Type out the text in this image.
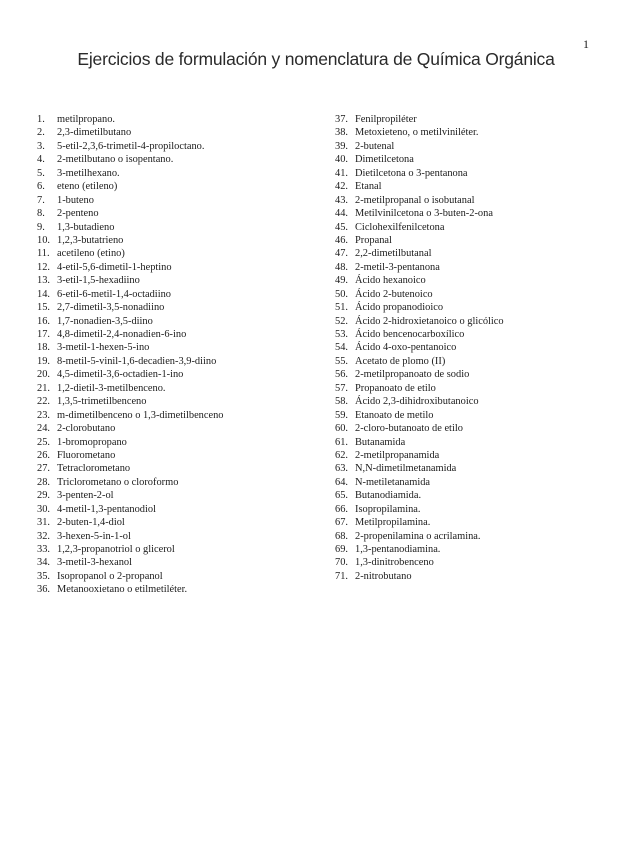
1
Ejercicios de formulación y nomenclatura de Química Orgánica
1.	metilpropano.
2.	2,3-dimetilbutano
3.	5-etil-2,3,6-trimetil-4-propiloctano.
4.	2-metilbutano o isopentano.
5.	3-metilhexano.
6.	eteno (etileno)
7.	1-buteno
8.	2-penteno
9.	1,3-butadieno
10. 1,2,3-butatrieno
11. acetileno (etino)
12. 4-etil-5,6-dimetil-1-heptino
13. 3-etil-1,5-hexadiino
14. 6-etil-6-metil-1,4-octadiino
15. 2,7-dimetil-3,5-nonadiino
16. 1,7-nonadien-3,5-diino
17. 4,8-dimetil-2,4-nonadien-6-ino
18. 3-metil-1-hexen-5-ino
19. 8-metil-5-vinil-1,6-decadien-3,9-diino
20. 4,5-dimetil-3,6-octadien-1-ino
21. 1,2-dietil-3-metilbenceno.
22. 1,3,5-trimetilbenceno
23. m-dimetilbenceno o 1,3-dimetilbenceno
24. 2-clorobutano
25. 1-bromopropano
26. Fluorometano
27. Tetraclorometano
28. Triclorometano o cloroformo
29. 3-penten-2-ol
30. 4-metil-1,3-pentanodiol
31. 2-buten-1,4-diol
32. 3-hexen-5-in-1-ol
33. 1,2,3-propanotriol o glicerol
34. 3-metil-3-hexanol
35. Isopropanol o 2-propanol
36. Metanooxietano o etilmetiléter.
37. Fenilpropiléter
38. Metoxieteno, o metilviniléter.
39. 2-butenal
40. Dimetilcetona
41. Dietilcetona o 3-pentanona
42. Etanal
43. 2-metilpropanal o isobutanal
44. Metilvinilcetona o 3-buten-2-ona
45. Ciclohexilfenilcetona
46. Propanal
47. 2,2-dimetilbutanal
48. 2-metil-3-pentanona
49. Ácido hexanoico
50. Ácido 2-butenoico
51. Ácido propanodioico
52. Ácido 2-hidroxietanoico o glicólico
53. Ácido bencenocarboxílico
54. Ácido 4-oxo-pentanoico
55. Acetato de plomo (II)
56. 2-metilpropanoato de sodio
57. Propanoato de etilo
58. Ácido 2,3-dihidroxibutanoico
59. Etanoato de metilo
60. 2-cloro-butanoato de etilo
61. Butanamida
62. 2-metilpropanamida
63. N,N-dimetilmetanamida
64. N-metiletanamida
65. Butanodiamida.
66. Isopropilamina.
67. Metilpropilamina.
68. 2-propenilamina o acrilamina.
69. 1,3-pentanodiamina.
70. 1,3-dinitrobenceno
71. 2-nitrobutano
